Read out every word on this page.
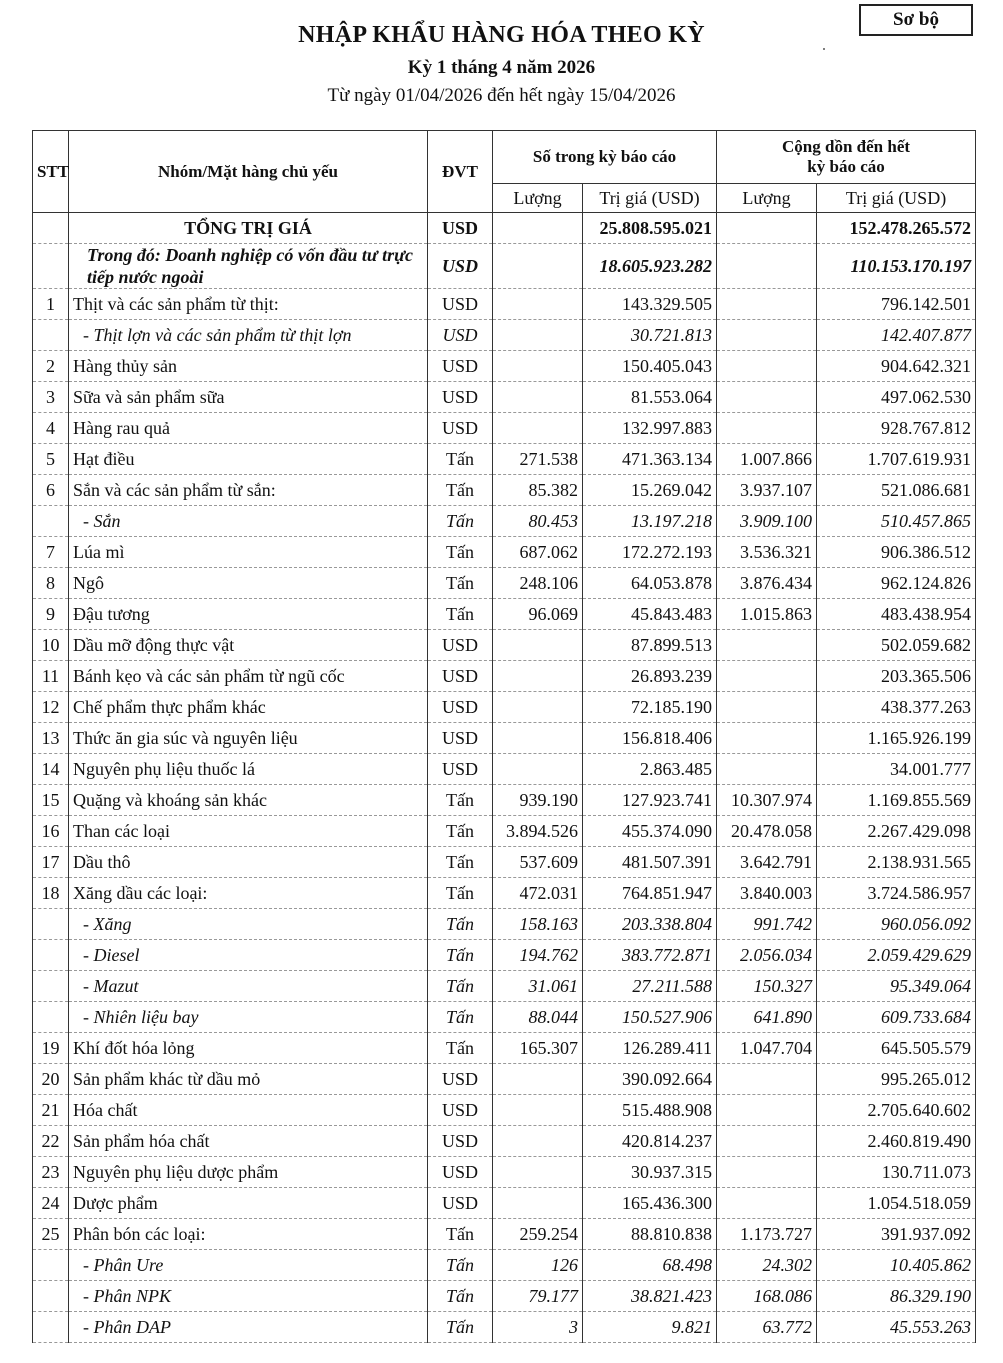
Sơ bộ
NHẬP KHẨU HÀNG HÓA THEO KỲ
Kỳ 1 tháng 4 năm 2026
Từ ngày 01/04/2026 đến hết ngày 15/04/2026
STT	Nhóm/Mặt hàng chủ yếu	ĐVT	Số trong kỳ báo cáo		Cộng dồn đến hết
kỳ báo cáo	
			Lượng	Trị giá (USD)	Lượng	Trị giá (USD)
	TỔNG TRỊ GIÁ	USD		25.808.595.021		152.478.265.572
	Trong đó: Doanh nghiệp có vốn đầu tư trực tiếp nước ngoài	USD		18.605.923.282		110.153.170.197
1	Thịt và các sản phẩm từ thịt:	USD		143.329.505		796.142.501
	- Thịt lợn và các sản phẩm từ thịt lợn	USD		30.721.813		142.407.877
2	Hàng thủy sản	USD		150.405.043		904.642.321
3	Sữa và sản phẩm sữa	USD		81.553.064		497.062.530
4	Hàng rau quả	USD		132.997.883		928.767.812
5	Hạt điều	Tấn	271.538	471.363.134	1.007.866	1.707.619.931
6	Sắn và các sản phẩm từ sắn:	Tấn	85.382	15.269.042	3.937.107	521.086.681
	- Sắn	Tấn	80.453	13.197.218	3.909.100	510.457.865
7	Lúa mì	Tấn	687.062	172.272.193	3.536.321	906.386.512
8	Ngô	Tấn	248.106	64.053.878	3.876.434	962.124.826
9	Đậu tương	Tấn	96.069	45.843.483	1.015.863	483.438.954
10	Dầu mỡ động thực vật	USD		87.899.513		502.059.682
11	Bánh kẹo và các sản phẩm từ ngũ cốc	USD		26.893.239		203.365.506
12	Chế phẩm thực phẩm khác	USD		72.185.190		438.377.263
13	Thức ăn gia súc và nguyên liệu	USD		156.818.406		1.165.926.199
14	Nguyên phụ liệu thuốc lá	USD		2.863.485		34.001.777
15	Quặng và khoáng sản khác	Tấn	939.190	127.923.741	10.307.974	1.169.855.569
16	Than các loại	Tấn	3.894.526	455.374.090	20.478.058	2.267.429.098
17	Dầu thô	Tấn	537.609	481.507.391	3.642.791	2.138.931.565
18	Xăng dầu các loại:	Tấn	472.031	764.851.947	3.840.003	3.724.586.957
	- Xăng	Tấn	158.163	203.338.804	991.742	960.056.092
	- Diesel	Tấn	194.762	383.772.871	2.056.034	2.059.429.629
	- Mazut	Tấn	31.061	27.211.588	150.327	95.349.064
	- Nhiên liệu bay	Tấn	88.044	150.527.906	641.890	609.733.684
19	Khí đốt hóa lỏng	Tấn	165.307	126.289.411	1.047.704	645.505.579
20	Sản phẩm khác từ dầu mỏ	USD		390.092.664		995.265.012
21	Hóa chất	USD		515.488.908		2.705.640.602
22	Sản phẩm hóa chất	USD		420.814.237		2.460.819.490
23	Nguyên phụ liệu dược phẩm	USD		30.937.315		130.711.073
24	Dược phẩm	USD		165.436.300		1.054.518.059
25	Phân bón các loại:	Tấn	259.254	88.810.838	1.173.727	391.937.092
	- Phân Ure	Tấn	126	68.498	24.302	10.405.862
	- Phân NPK	Tấn	79.177	38.821.423	168.086	86.329.190
	- Phân DAP	Tấn	3	9.821	63.772	45.553.263
